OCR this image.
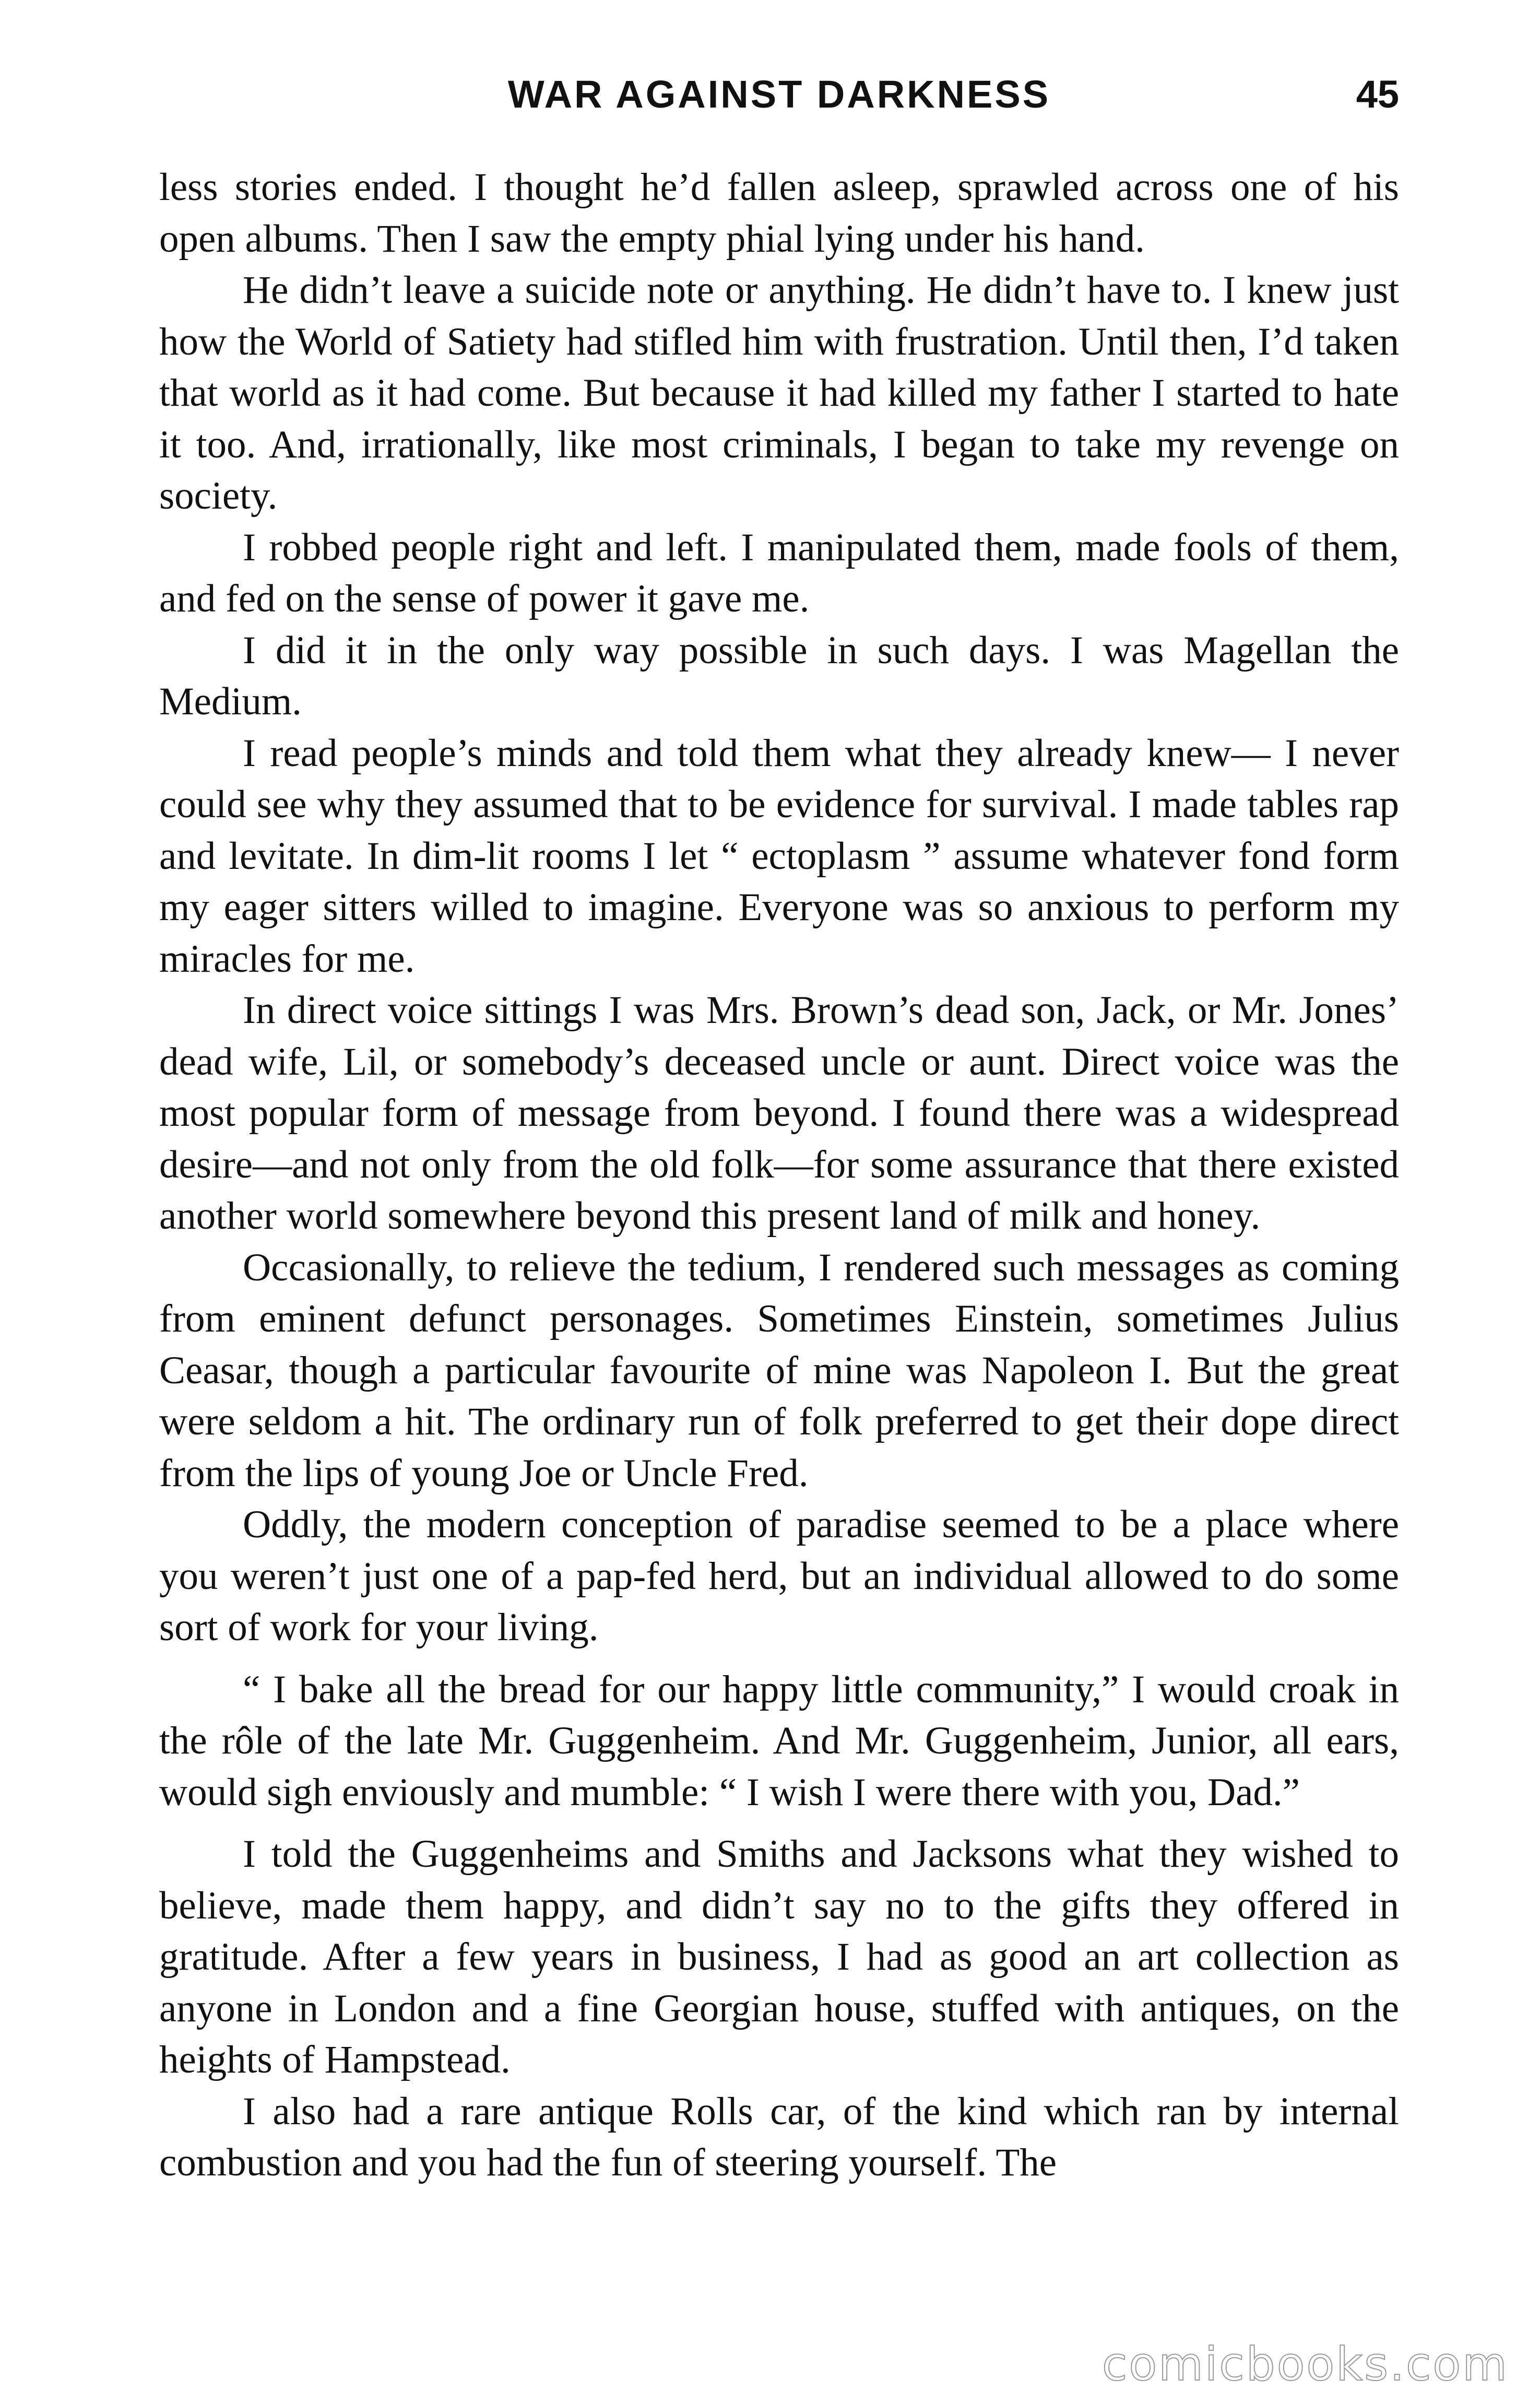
WAR AGAINST DARKNESS	45

less stories ended. I thought he’d fallen asleep, sprawled across one of his open albums. Then I saw the empty phial lying under his hand.

He didn’t leave a suicide note or anything. He didn’t have to. I knew just how the World of Satiety had stifled him with frustration. Until then, I’d taken that world as it had come. But because it had killed my father I started to hate it too. And, irrationally, like most criminals, I began to take my revenge on society.

I robbed people right and left. I manipulated them, made fools of them, and fed on the sense of power it gave me.

I did it in the only way possible in such days. I was Magellan the Medium.

I read people’s minds and told them what they already knew— I never could see why they assumed that to be evidence for survival. I made tables rap and levitate. In dim-lit rooms I let “ ectoplasm ” assume whatever fond form my eager sitters willed to imagine. Everyone was so anxious to perform my miracles for me.

In direct voice sittings I was Mrs. Brown’s dead son, Jack, or Mr. Jones’ dead wife, Lil, or somebody’s deceased uncle or aunt. Direct voice was the most popular form of message from beyond. I found there was a widespread desire—and not only from the old folk—for some assurance that there existed another world somewhere beyond this present land of milk and honey.

Occasionally, to relieve the tedium, I rendered such messages as coming from eminent defunct personages. Sometimes Einstein, sometimes Julius Ceasar, though a particular favourite of mine was Napoleon I. But the great were seldom a hit. The ordinary run of folk preferred to get their dope direct from the lips of young Joe or Uncle Fred.

Oddly, the modern conception of paradise seemed to be a place where you weren’t just one of a pap-fed herd, but an individual allowed to do some sort of work for your living.

“ I bake all the bread for our happy little community,” I would croak in the rôle of the late Mr. Guggenheim. And Mr. Guggenheim, Junior, all ears, would sigh enviously and mumble: “ I wish I were there with you, Dad.”

I told the Guggenheims and Smiths and Jacksons what they wished to believe, made them happy, and didn’t say no to the gifts they offered in gratitude. After a few years in business, I had as good an art collection as anyone in London and a fine Georgian house, stuffed with antiques, on the heights of Hampstead.

I also had a rare antique Rolls car, of the kind which ran by internal combustion and you had the fun of steering yourself. The

comicbooks.com
